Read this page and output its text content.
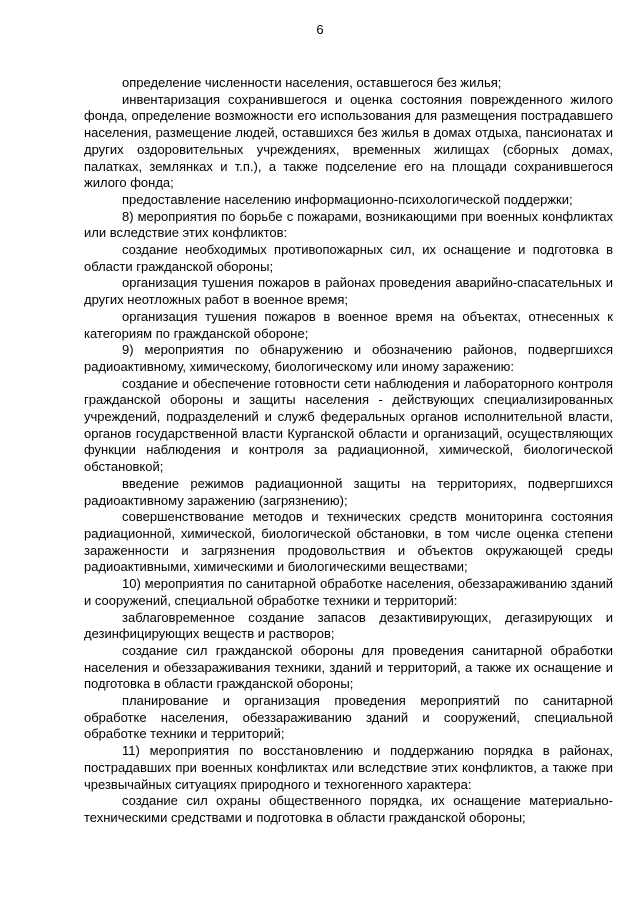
6

определение численности населения, оставшегося без жилья;

инвентаризация сохранившегося и оценка состояния поврежденного жилого фонда, определение возможности его использования для размещения пострадавшего населения, размещение людей, оставшихся без жилья в домах отдыха, пансионатах и других оздоровительных учреждениях, временных жилищах (сборных домах, палатках, землянках и т.п.), а также подселение его на площади сохранившегося жилого фонда;

предоставление населению информационно-психологической поддержки;

8) мероприятия по борьбе с пожарами, возникающими при военных конфликтах или вследствие этих конфликтов:

создание необходимых противопожарных сил, их оснащение и подготовка в области гражданской обороны;

организация тушения пожаров в районах проведения аварийно-спасательных и других неотложных работ в военное время;

организация тушения пожаров в военное время на объектах, отнесенных к категориям по гражданской обороне;

9) мероприятия по обнаружению и обозначению районов, подвергшихся радиоактивному, химическому, биологическому или иному заражению:

создание и обеспечение готовности сети наблюдения и лабораторного контроля гражданской обороны и защиты населения - действующих специализированных учреждений, подразделений и служб федеральных органов исполнительной власти, органов государственной власти Курганской области и организаций, осуществляющих функции наблюдения и контроля за радиационной, химической, биологической обстановкой;

введение режимов радиационной защиты на территориях, подвергшихся радиоактивному заражению (загрязнению);

совершенствование методов и технических средств мониторинга состояния радиационной, химической, биологической обстановки, в том числе оценка степени зараженности и загрязнения продовольствия и объектов окружающей среды радиоактивными, химическими и биологическими веществами;

10) мероприятия по санитарной обработке населения, обеззараживанию зданий и сооружений, специальной обработке техники и территорий:

заблаговременное создание запасов дезактивирующих, дегазирующих и дезинфицирующих веществ и растворов;

создание сил гражданской обороны для проведения санитарной обработки населения и обеззараживания техники, зданий и территорий, а также их оснащение и подготовка в области гражданской обороны;

планирование и организация проведения мероприятий по санитарной обработке населения, обеззараживанию зданий и сооружений, специальной обработке техники и территорий;

11) мероприятия по восстановлению и поддержанию порядка в районах, пострадавших при военных конфликтах или вследствие этих конфликтов, а также при чрезвычайных ситуациях природного и техногенного характера:

создание сил охраны общественного порядка, их оснащение материально-техническими средствами и подготовка в области гражданской обороны;
